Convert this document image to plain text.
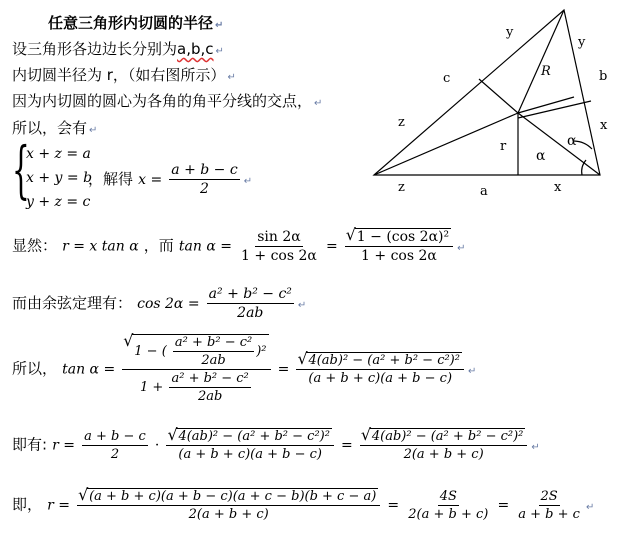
任意三角形内切圆的半径 ↵
设三角形各边边长分别为a,b,c ↵
内切圆半径为 r，（如右图所示） ↵
因为内切圆的圆心为各角的角平分线的交点， ↵
所以，会有 ↵
{
x + z = a
x + y = b
y + z = c
，解得 $x = \frac{a + b - c}{2}$ ↵
显然： r = x tan α ，而 $\tan \alpha = \frac{\sin 2\alpha}{1 + \cos 2\alpha}$ = √ $\frac{\text{1 − (cos 2α)²}}{1 + \cos 2\alpha}$ ↵
而由余弦定理有： $\cos 2\alpha = \frac{\text{a² + b² − c²}}{2ab}$ ↵
所以， tan α =
√ 1 − ( $\frac{\text{a² + b² − c²}}{2ab} )^2$
$1 + \frac{\text{a² + b² − c²}}{2ab}$
= √ $\frac{\text{4(ab)² − (a² + b² − c²)²}}{(a + b + c)(a + b - c)}$ ↵
即有: $r = \frac{a + b - c}{2}$ · √ $\frac{\text{4(ab)² − (a² + b² − c²)²}}{(a + b + c)(a + b - c)}$ = √ $\frac{\text{4(ab)² − (a² + b² − c²)²}}{2(a + b + c)}$ ↵
即， r = √ $\frac{(a + b + c)(a + b - c)(a + c - b)(b + c - a)}{2(a + b + c)} = \frac{4S}{2(a + b + c)} = \frac{2S}{a + b + c}$ ↵
y
y
c	R	b
z	x
r
α
α
z	a	x
